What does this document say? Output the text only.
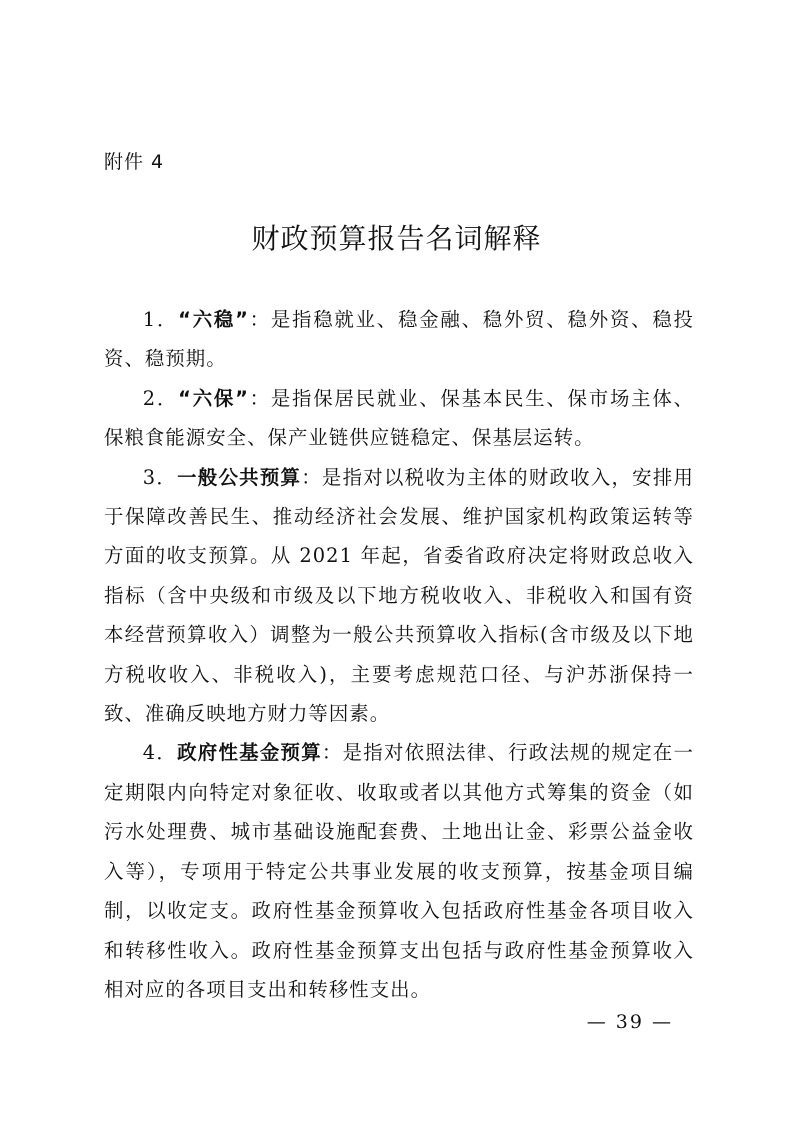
附件 4
财政预算报告名词解释

1．“六稳”：是指稳就业、稳金融、稳外贸、稳外资、稳投资、稳预期。

2．“六保”：是指保居民就业、保基本民生、保市场主体、保粮食能源安全、保产业链供应链稳定、保基层运转。

3．一般公共预算：是指对以税收为主体的财政收入，安排用于保障改善民生、推动经济社会发展、维护国家机构政策运转等方面的收支预算。从 2021 年起，省委省政府决定将财政总收入指标（含中央级和市级及以下地方税收收入、非税收入和国有资本经营预算收入）调整为一般公共预算收入指标(含市级及以下地方税收收入、非税收入)，主要考虑规范口径、与沪苏浙保持一致、准确反映地方财力等因素。

4．政府性基金预算：是指对依照法律、行政法规的规定在一定期限内向特定对象征收、收取或者以其他方式筹集的资金（如污水处理费、城市基础设施配套费、土地出让金、彩票公益金收入等），专项用于特定公共事业发展的收支预算，按基金项目编制，以收定支。政府性基金预算收入包括政府性基金各项目收入和转移性收入。政府性基金预算支出包括与政府性基金预算收入相对应的各项目支出和转移性支出。

— 39 —
